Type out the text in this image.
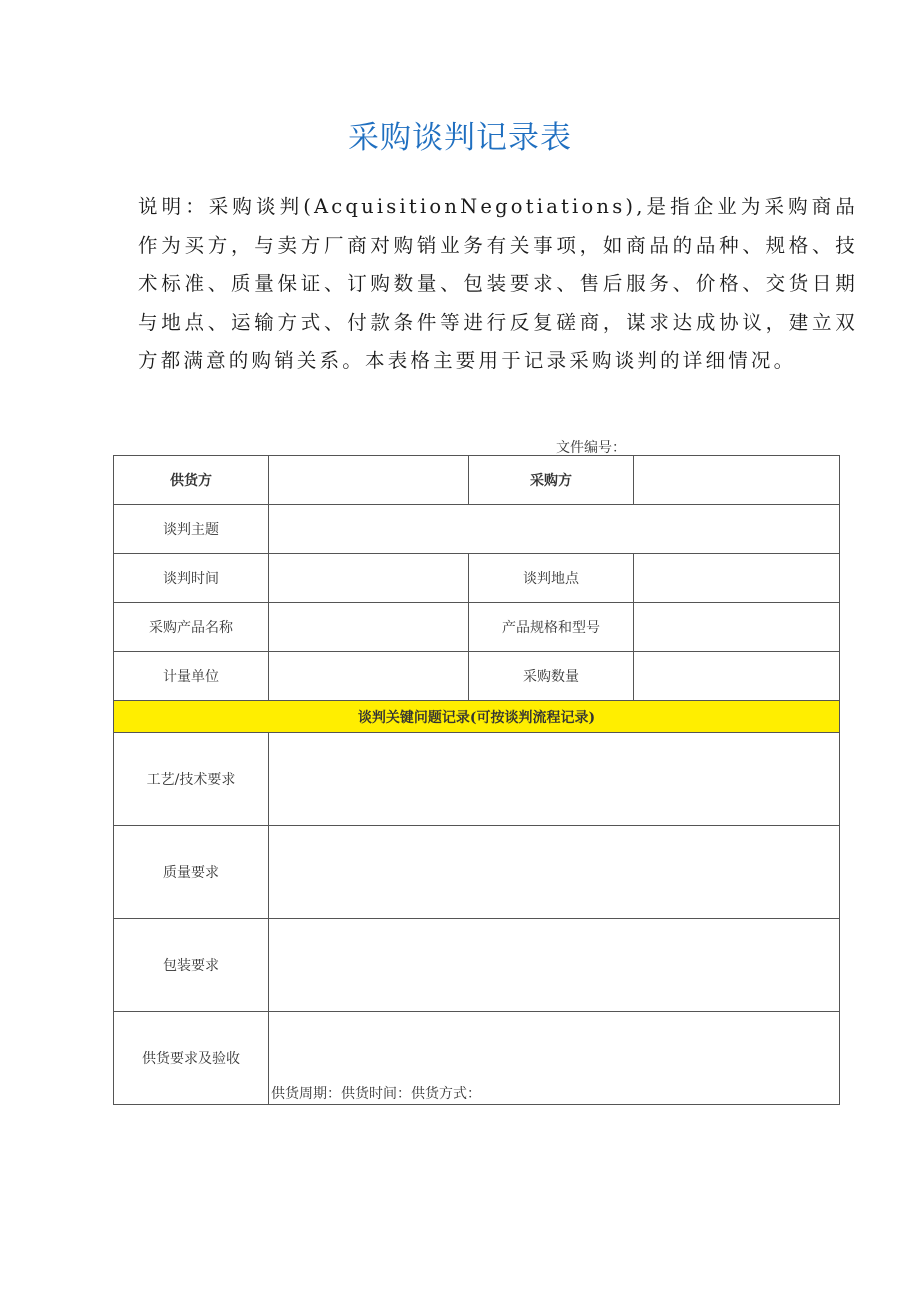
采购谈判记录表
说明：采购谈判(AcquisitionNegotiations),是指企业为采购商品作为买方，与卖方厂商对购销业务有关事项，如商品的品种、规格、技术标准、质量保证、订购数量、包装要求、售后服务、价格、交货日期与地点、运输方式、付款条件等进行反复磋商，谋求达成协议，建立双方都满意的购销关系。本表格主要用于记录采购谈判的详细情况。
文件编号：
供货方		采购方	
谈判主题			
谈判时间		谈判地点	
采购产品名称		产品规格和型号	
计量单位		采购数量	
谈判关键问题记录(可按谈判流程记录)			
工艺/技术要求			
质量要求			
包装要求			
供货要求及验收	供货周期：供货时间：供货方式：		
